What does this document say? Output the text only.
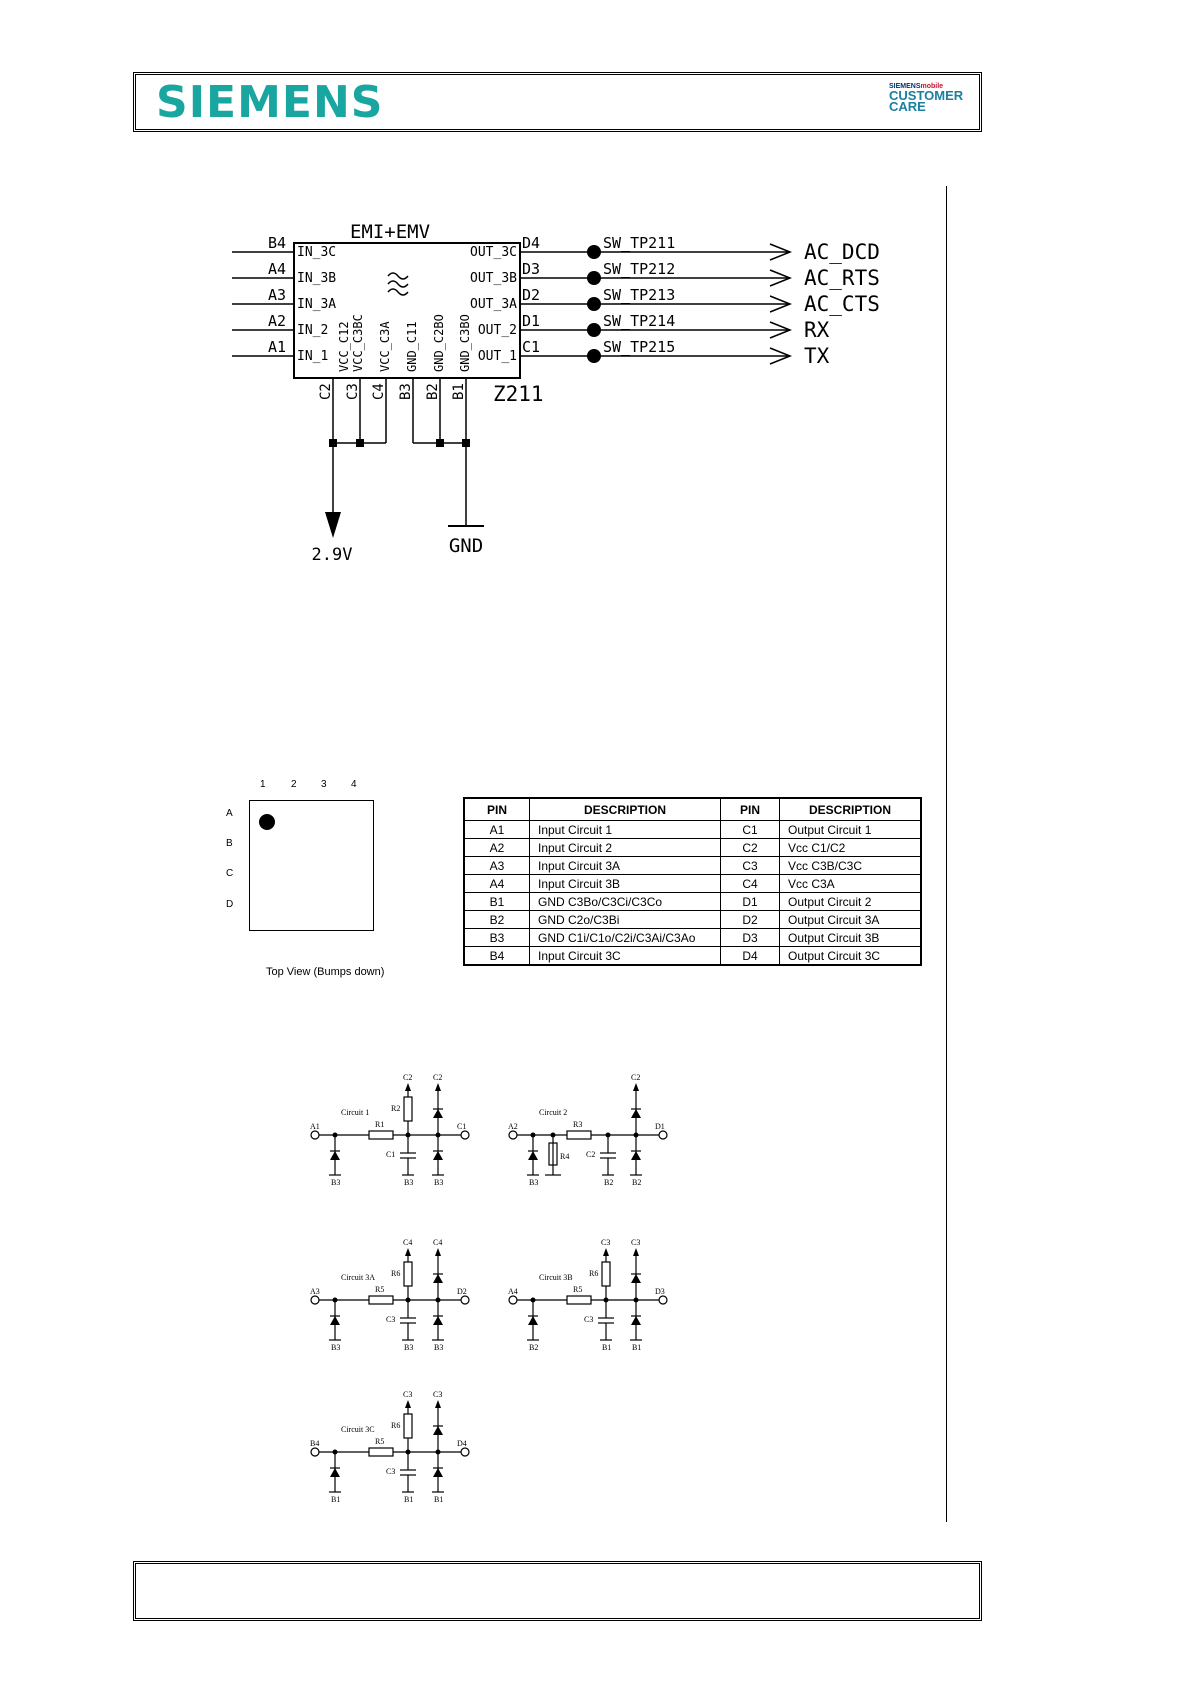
SIEMENS	SIEMENSmobile
CUSTOMER
CARE
EMI+EMV
Z211
B4
IN_3C
A4
IN_3B
A3
IN_3A
A2
IN_2
A1
IN_1
OUT_3C
D4	SW_TP211	AC_DCD
OUT_3B
D3	SW_TP212	AC_RTS
OUT_3A
D2	SW_TP213	AC_CTS
OUT_2
D1	SW_TP214	RX
OUT_1
C1	SW_TP215	TX
VCC_C12 VCC_C3BC VCC_C3A GND_C11 GND_C2BO GND_C3BO
C2 C3 C4 B3 B2 B1
2.9V	GND
1	2 3 4
A
B
C
D
Top View (Bumps down)
PIN	DESCRIPTION	PIN	DESCRIPTION
A1	Input Circuit 1	C1	Output Circuit 1
A2	Input Circuit 2	C2	Vcc C1/C2
A3	Input Circuit 3A	C3	Vcc C3B/C3C
A4	Input Circuit 3B	C4	Vcc C3A
B1	GND C3Bo/C3Ci/C3Co	D1	Output Circuit 2
B2	GND C2o/C3Bi	D2	Output Circuit 3A
B3	GND C1i/C1o/C2i/C3Ai/C3Ao	D3	Output Circuit 3B
B4	Input Circuit 3C	D4	Output Circuit 3C
Circuit 1
A1	C1
R1
B3
R2
C2
C1
B3
C2
B3
Circuit 2
A2	D1
R3
B3
R4 C2
B2
C2
B2
Circuit 3A
A3	D2
R5
B3
R6
C4
C3
B3
C4
B3
Circuit 3B
A4	D3
R5
B2
R6
C3
C3
B1
C3
B1
Circuit 3C
B4	D4
R5
B1
R6
C3
C3
B1
C3
B1
